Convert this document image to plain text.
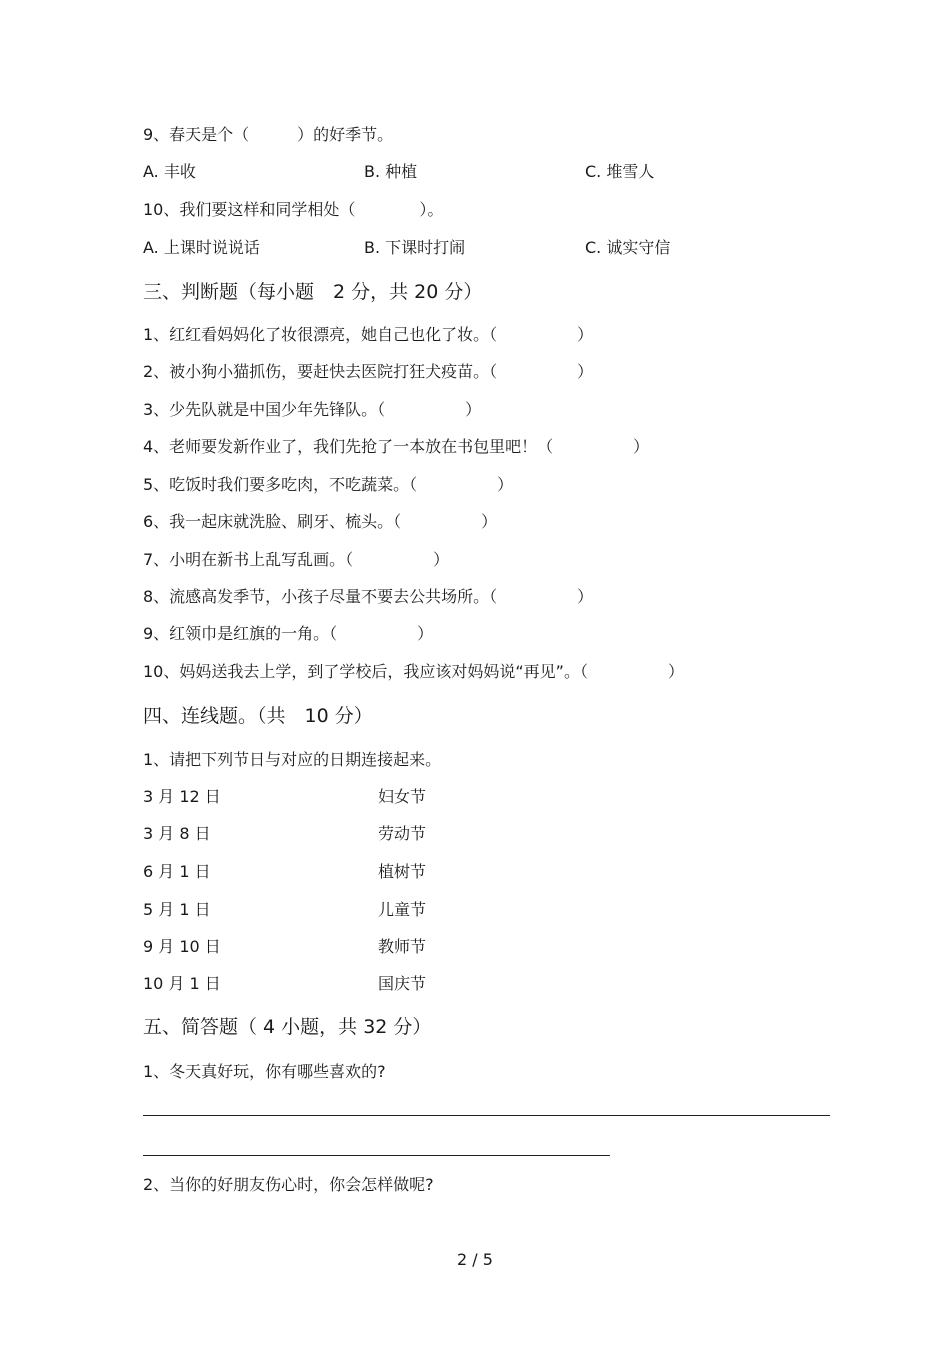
9、春天是个（　　　）的好季节。
A. 丰收	B. 种植	C. 堆雪人
10、我们要这样和同学相处（　　　　）。
A. 上课时说说话	B. 下课时打闹	C. 诚实守信
三、判断题（每小题　2 分，共 20 分）
1、红红看妈妈化了妆很漂亮，她自己也化了妆。（　　　　　）
2、被小狗小猫抓伤，要赶快去医院打狂犬疫苗。（　　　　　）
3、少先队就是中国少年先锋队。（　　　　　）
4、老师要发新作业了，我们先抢了一本放在书包里吧！（　　　　　）
5、吃饭时我们要多吃肉，不吃蔬菜。（　　　　　）
6、我一起床就洗脸、刷牙、梳头。（　　　　　）
7、小明在新书上乱写乱画。（　　　　　）
8、流感高发季节，小孩子尽量不要去公共场所。（　　　　　）
9、红领巾是红旗的一角。（　　　　　）
10、妈妈送我去上学，到了学校后，我应该对妈妈说“再见”。（　　　　　）
四、连线题。（共　10 分）
1、请把下列节日与对应的日期连接起来。
3 月 12 日	妇女节
3 月 8 日	劳动节
6 月 1 日	植树节
5 月 1 日	儿童节
9 月 10 日	教师节
10 月 1 日	国庆节
五、简答题（ 4 小题，共 32 分）
1、冬天真好玩，你有哪些喜欢的?
2、当你的好朋友伤心时，你会怎样做呢?
2 / 5
